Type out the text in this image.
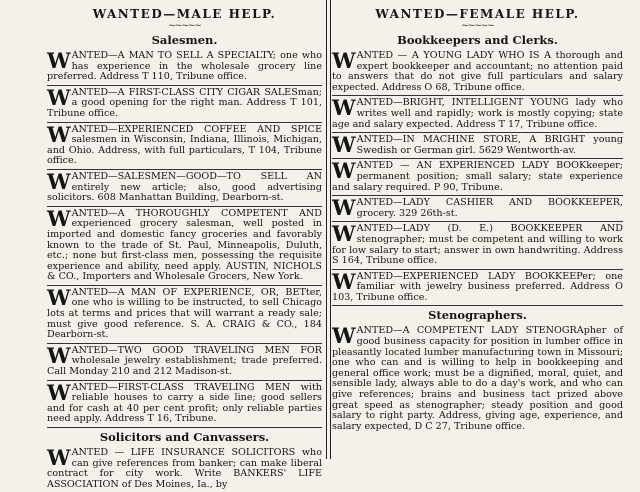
WANTED—MALE HELP.
~~~~~
Salesmen.
WANTED—A MAN TO SELL A SPECIALTY; one who has experience in the wholesale grocery line preferred. Address T 110, Tribune office.
WANTED—A FIRST-CLASS CITY CIGAR SALESman; a good opening for the right man. Address T 101, Tribune office.
WANTED—EXPERIENCED COFFEE AND SPICE salesmen in Wisconsin, Indiana, Illinois, Michigan, and Ohio. Address, with full particulars, T 104, Tribune office.
WANTED—SALESMEN—GOOD—TO SELL AN entirely new article; also, good advertising solicitors. 608 Manhattan Building, Dearborn-st.
WANTED—A THOROUGHLY COMPETENT AND experienced grocery salesman, well posted in imported and domestic fancy groceries and favorably known to the trade of St. Paul, Minneapolis, Duluth, etc.; none but first-class men, possessing the requisite experience and ability, need apply. AUSTIN, NICHOLS & CO., Importers and Wholesale Grocers, New York.
WANTED—A MAN OF EXPERIENCE, OR, BETter, one who is willing to be instructed, to sell Chicago lots at terms and prices that will warrant a ready sale; must give good reference. S. A. CRAIG & CO., 184 Dearborn-st.
WANTED—TWO GOOD TRAVELING MEN FOR wholesale jewelry establishment; trade preferred. Call Monday 210 and 212 Madison-st.
WANTED—FIRST-CLASS TRAVELING MEN with reliable houses to carry a side line; good sellers and for cash at 40 per cent profit; only reliable parties need apply. Address T 16, Tribune.
Solicitors and Canvassers.
WANTED — LIFE INSURANCE SOLICITORS who can give references from banker; can make liberal contract for city work. Write BANKERS' LIFE ASSOCIATION of Des Moines, Ia., by
WANTED—FEMALE HELP.
~~~~~
Bookkeepers and Clerks.
WANTED — A YOUNG LADY WHO IS A thorough and expert bookkeeper and accountant; no attention paid to answers that do not give full particulars and salary expected. Address O 68, Tribune office.
WANTED—BRIGHT, INTELLIGENT YOUNG lady who writes well and rapidly; work is mostly copying; state age and salary expected. Address T 17, Tribune office.
WANTED—IN MACHINE STORE, A BRIGHT young Swedish or German girl. 5629 Wentworth-av.
WANTED — AN EXPERIENCED LADY BOOKkeeper; permanent position; small salary; state experience and salary required. P 90, Tribune.
WANTED—LADY CASHIER AND BOOKKEEPER, grocery. 329 26th-st.
WANTED—LADY (D. E.) BOOKKEEPER AND stenographer; must be competent and willing to work for low salary to start; answer in own handwriting. Address S 164, Tribune office.
WANTED—EXPERIENCED LADY BOOKKEEPer; one familiar with jewelry business preferred. Address O 103, Tribune office.
Stenographers.
WANTED—A COMPETENT LADY STENOGRApher of good business capacity for position in lumber office in pleasantly located lumber manufacturing town in Missouri; one who can and is willing to help in bookkeeping and general office work; must be a dignified, moral, quiet, and sensible lady, always able to do a day's work, and who can give references; brains and business tact prized above great speed as stenographer; steady position and good salary to right party. Address, giving age, experience, and salary expected, D C 27, Tribune office.
